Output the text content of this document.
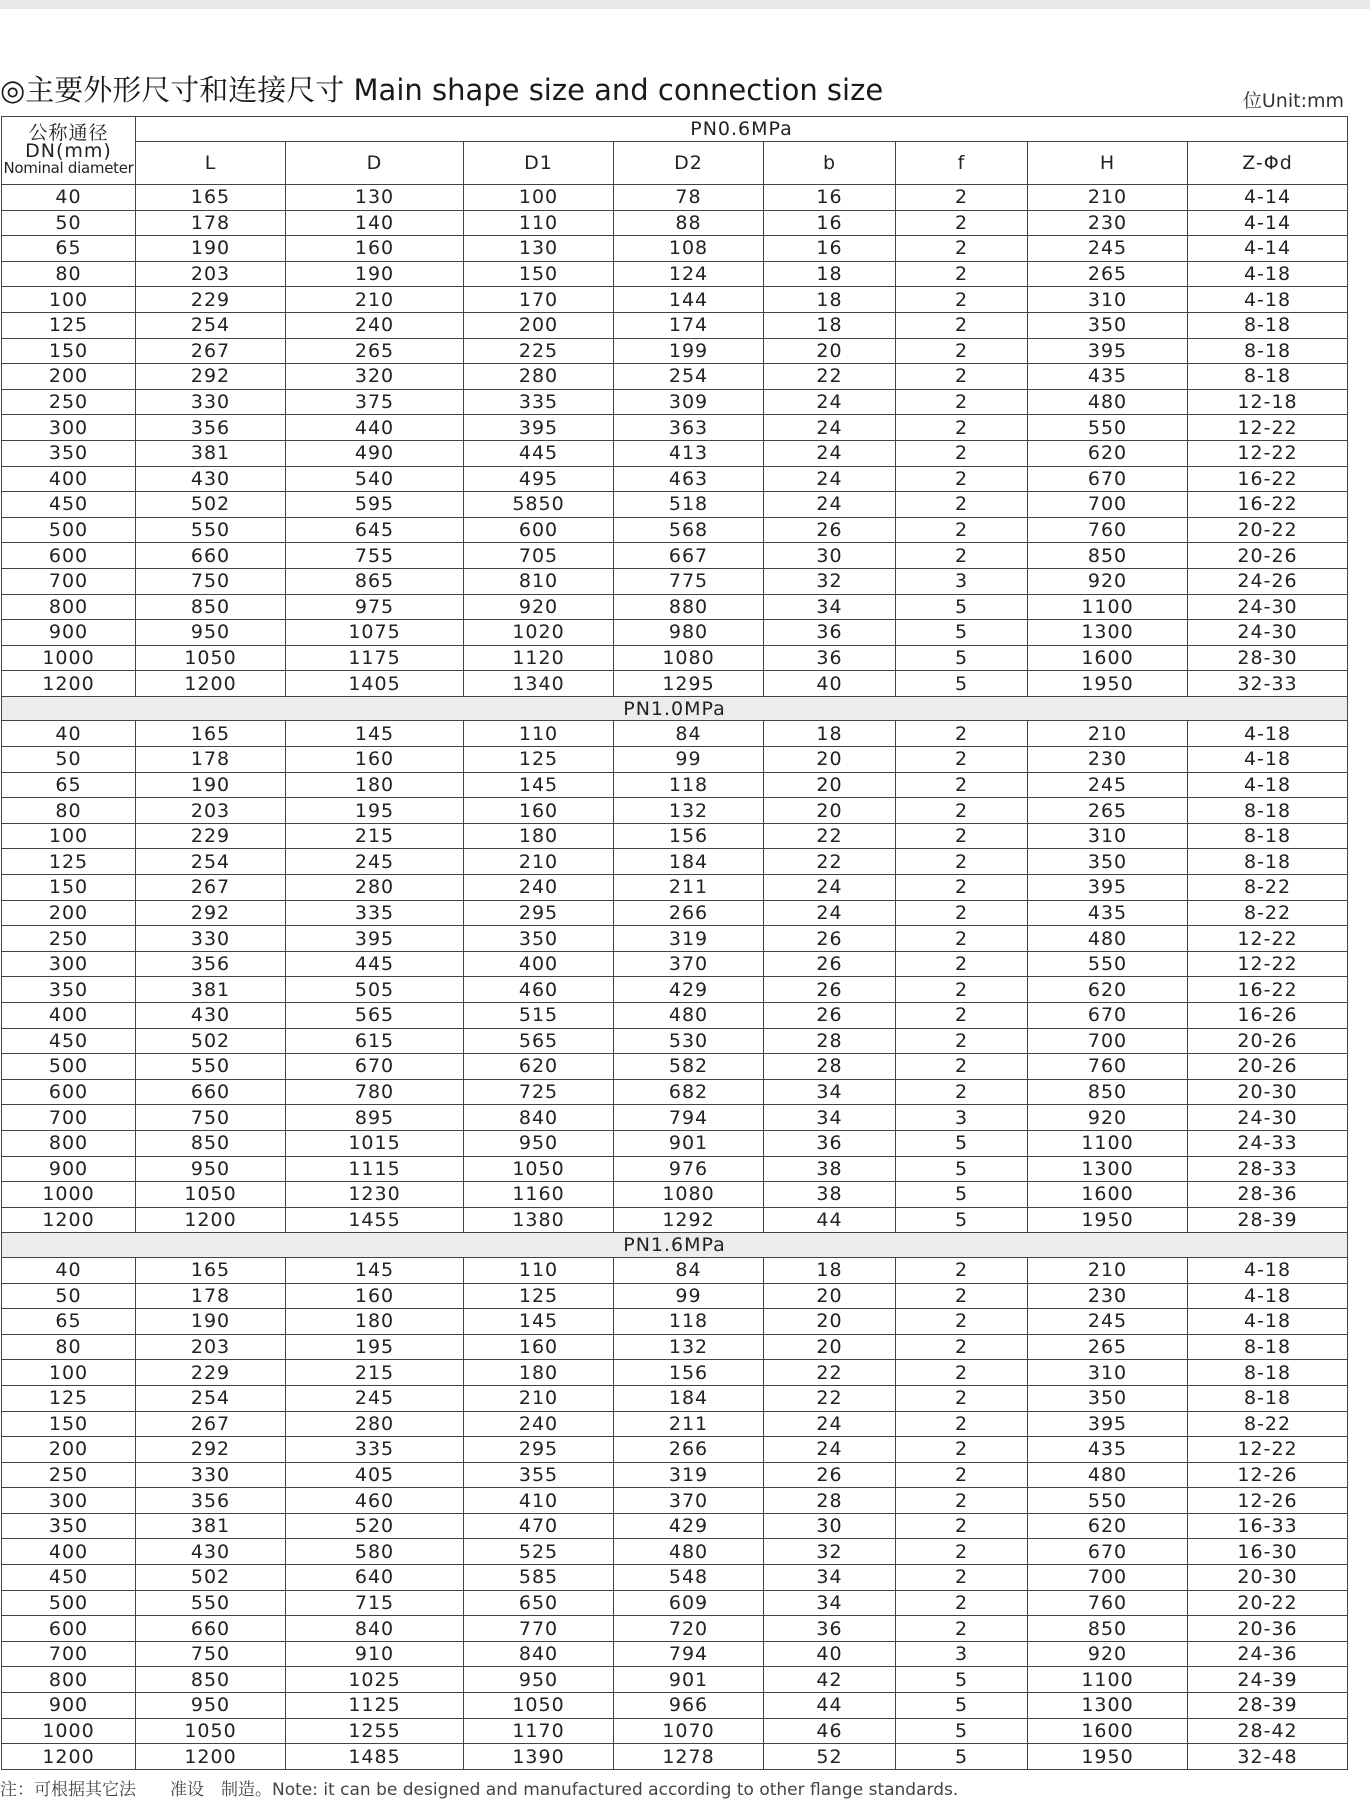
◎主要外形尺寸和连接尺寸 Main shape size and connection size	位Unit:mm
公称通径
DN(mm)
Nominal diameter	PN0.6MPa							
	L	D	D1	D2	b	f	H	Z-Φd
40	165	130	100	78	16	2	210	4-14
50	178	140	110	88	16	2	230	4-14
65	190	160	130	108	16	2	245	4-14
80	203	190	150	124	18	2	265	4-18
100	229	210	170	144	18	2	310	4-18
125	254	240	200	174	18	2	350	8-18
150	267	265	225	199	20	2	395	8-18
200	292	320	280	254	22	2	435	8-18
250	330	375	335	309	24	2	480	12-18
300	356	440	395	363	24	2	550	12-22
350	381	490	445	413	24	2	620	12-22
400	430	540	495	463	24	2	670	16-22
450	502	595	5850	518	24	2	700	16-22
500	550	645	600	568	26	2	760	20-22
600	660	755	705	667	30	2	850	20-26
700	750	865	810	775	32	3	920	24-26
800	850	975	920	880	34	5	1100	24-30
900	950	1075	1020	980	36	5	1300	24-30
1000	1050	1175	1120	1080	36	5	1600	28-30
1200	1200	1405	1340	1295	40	5	1950	32-33
PN1.0MPa								
40	165	145	110	84	18	2	210	4-18
50	178	160	125	99	20	2	230	4-18
65	190	180	145	118	20	2	245	4-18
80	203	195	160	132	20	2	265	8-18
100	229	215	180	156	22	2	310	8-18
125	254	245	210	184	22	2	350	8-18
150	267	280	240	211	24	2	395	8-22
200	292	335	295	266	24	2	435	8-22
250	330	395	350	319	26	2	480	12-22
300	356	445	400	370	26	2	550	12-22
350	381	505	460	429	26	2	620	16-22
400	430	565	515	480	26	2	670	16-26
450	502	615	565	530	28	2	700	20-26
500	550	670	620	582	28	2	760	20-26
600	660	780	725	682	34	2	850	20-30
700	750	895	840	794	34	3	920	24-30
800	850	1015	950	901	36	5	1100	24-33
900	950	1115	1050	976	38	5	1300	28-33
1000	1050	1230	1160	1080	38	5	1600	28-36
1200	1200	1455	1380	1292	44	5	1950	28-39
PN1.6MPa								
40	165	145	110	84	18	2	210	4-18
50	178	160	125	99	20	2	230	4-18
65	190	180	145	118	20	2	245	4-18
80	203	195	160	132	20	2	265	8-18
100	229	215	180	156	22	2	310	8-18
125	254	245	210	184	22	2	350	8-18
150	267	280	240	211	24	2	395	8-22
200	292	335	295	266	24	2	435	12-22
250	330	405	355	319	26	2	480	12-26
300	356	460	410	370	28	2	550	12-26
350	381	520	470	429	30	2	620	16-33
400	430	580	525	480	32	2	670	16-30
450	502	640	585	548	34	2	700	20-30
500	550	715	650	609	34	2	760	20-22
600	660	840	770	720	36	2	850	20-36
700	750	910	840	794	40	3	920	24-36
800	850	1025	950	901	42	5	1100	24-39
900	950	1125	1050	966	44	5	1300	28-39
1000	1050	1255	1170	1070	46	5	1600	28-42
1200	1200	1485	1390	1278	52	5	1950	32-48
注：可根据其它法　　准设　制造。Note: it can be designed and manufactured according to other flange standards.
